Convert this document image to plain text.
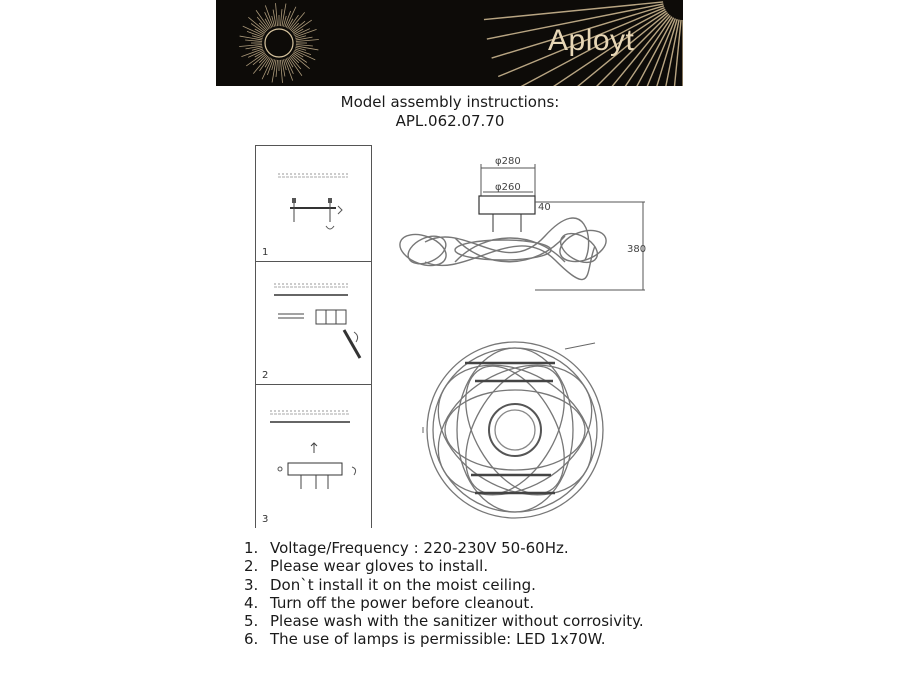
Aployt
Model assembly instructions:
APL.062.07.70
1
2
3
φ280
φ260
40
380
1. Voltage/Frequency : 220-230V 50-60Hz.
2. Please wear gloves to install.
3. Don`t install it on the moist ceiling.
4. Turn off the power before cleanout.
5. Please wash with the sanitizer without corrosivity.
6. The use of lamps is permissible: LED 1x70W.
